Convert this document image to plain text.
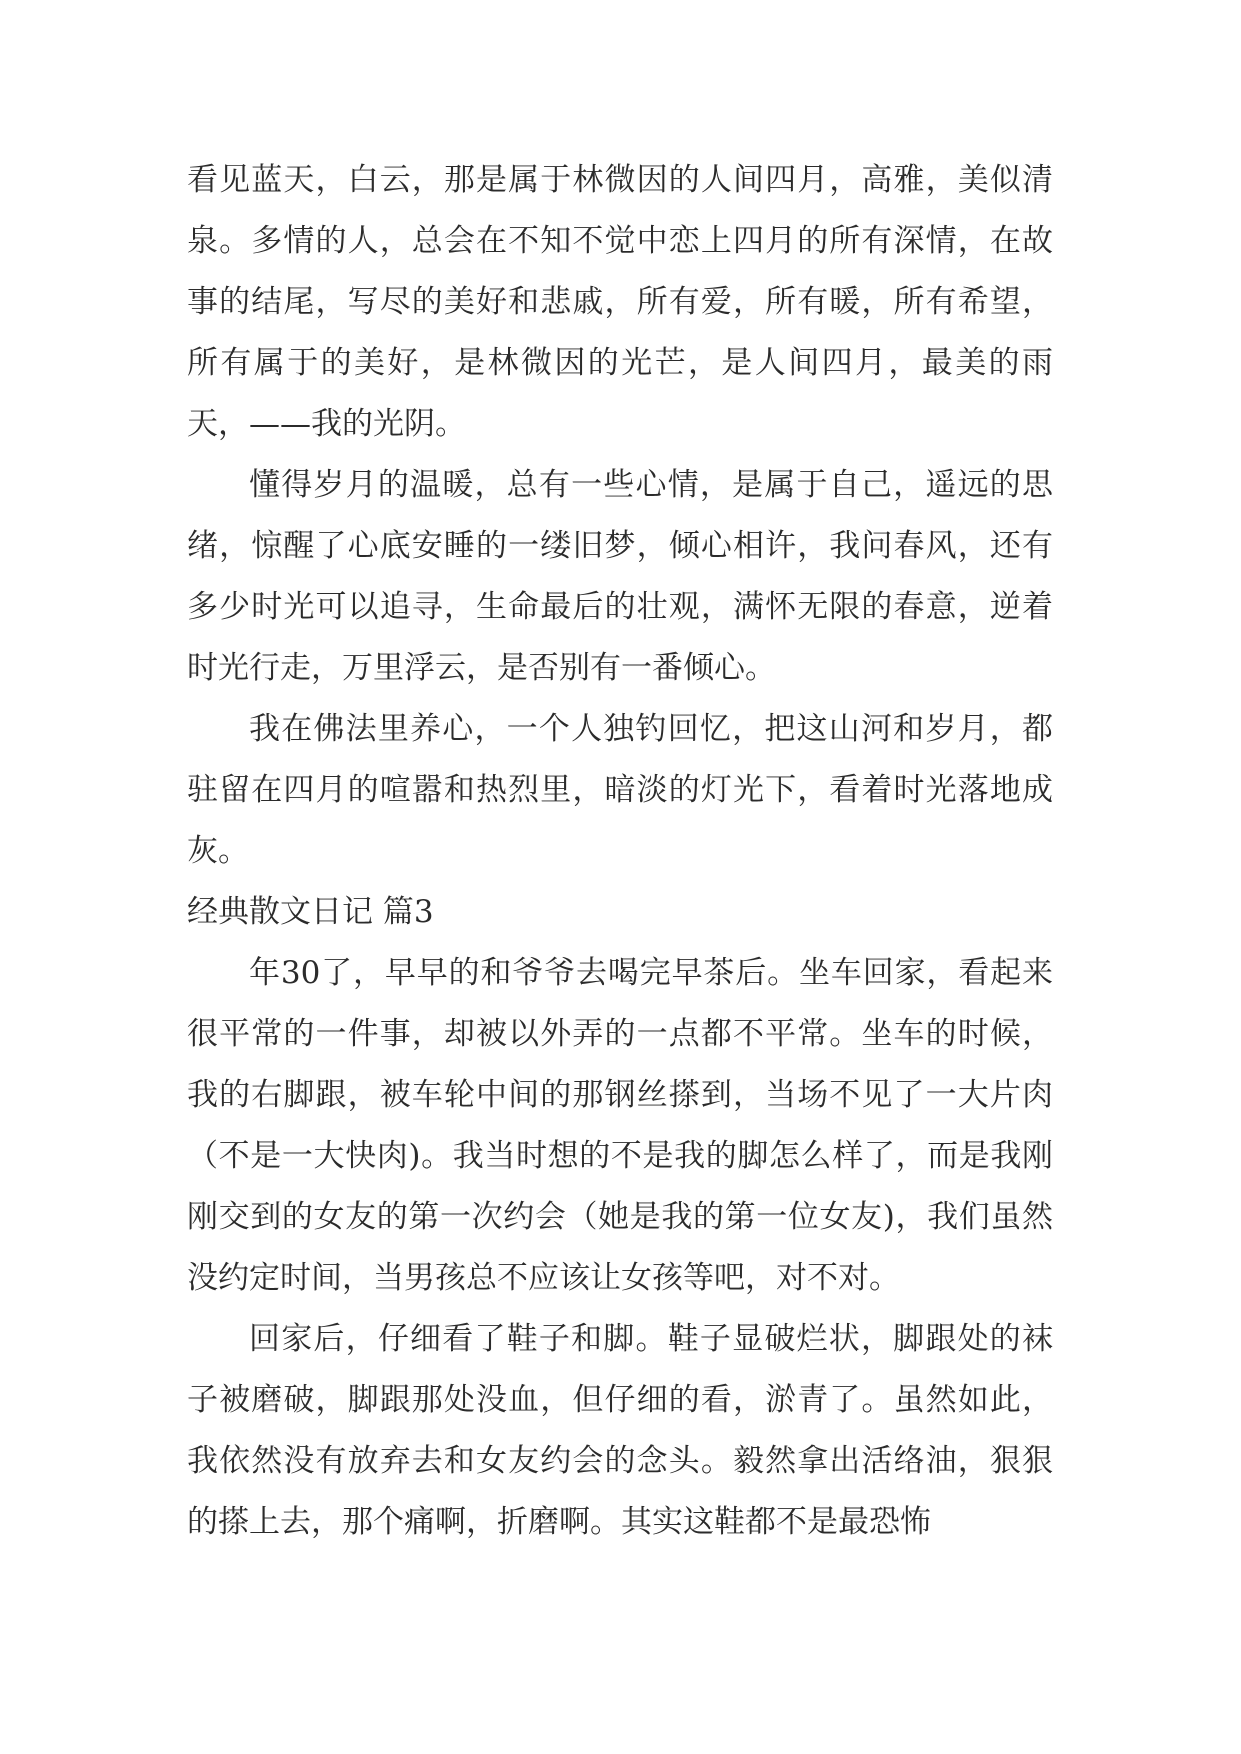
看见蓝天，白云，那是属于林微因的人间四月，高雅，美似清泉。多情的人，总会在不知不觉中恋上四月的所有深情，在故事的结尾，写尽的美好和悲戚，所有爱，所有暖，所有希望，所有属于的美好，是林微因的光芒，是人间四月，最美的雨天，——我的光阴。

懂得岁月的温暖，总有一些心情，是属于自己，遥远的思绪，惊醒了心底安睡的一缕旧梦，倾心相许，我问春风，还有多少时光可以追寻，生命最后的壮观，满怀无限的春意，逆着时光行走，万里浮云，是否别有一番倾心。

我在佛法里养心，一个人独钓回忆，把这山河和岁月，都驻留在四月的喧嚣和热烈里，暗淡的灯光下，看着时光落地成灰。

经典散文日记 篇3

年30了，早早的和爷爷去喝完早茶后。坐车回家，看起来很平常的一件事，却被以外弄的一点都不平常。坐车的时候，我的右脚跟，被车轮中间的那钢丝搽到，当场不见了一大片肉（不是一大快肉)。我当时想的不是我的脚怎么样了，而是我刚刚交到的女友的第一次约会（她是我的第一位女友)，我们虽然没约定时间，当男孩总不应该让女孩等吧，对不对。

回家后，仔细看了鞋子和脚。鞋子显破烂状，脚跟处的袜子被磨破，脚跟那处没血，但仔细的看，淤青了。虽然如此，我依然没有放弃去和女友约会的念头。毅然拿出活络油，狠狠的搽上去，那个痛啊，折磨啊。其实这鞋都不是最恐怖
